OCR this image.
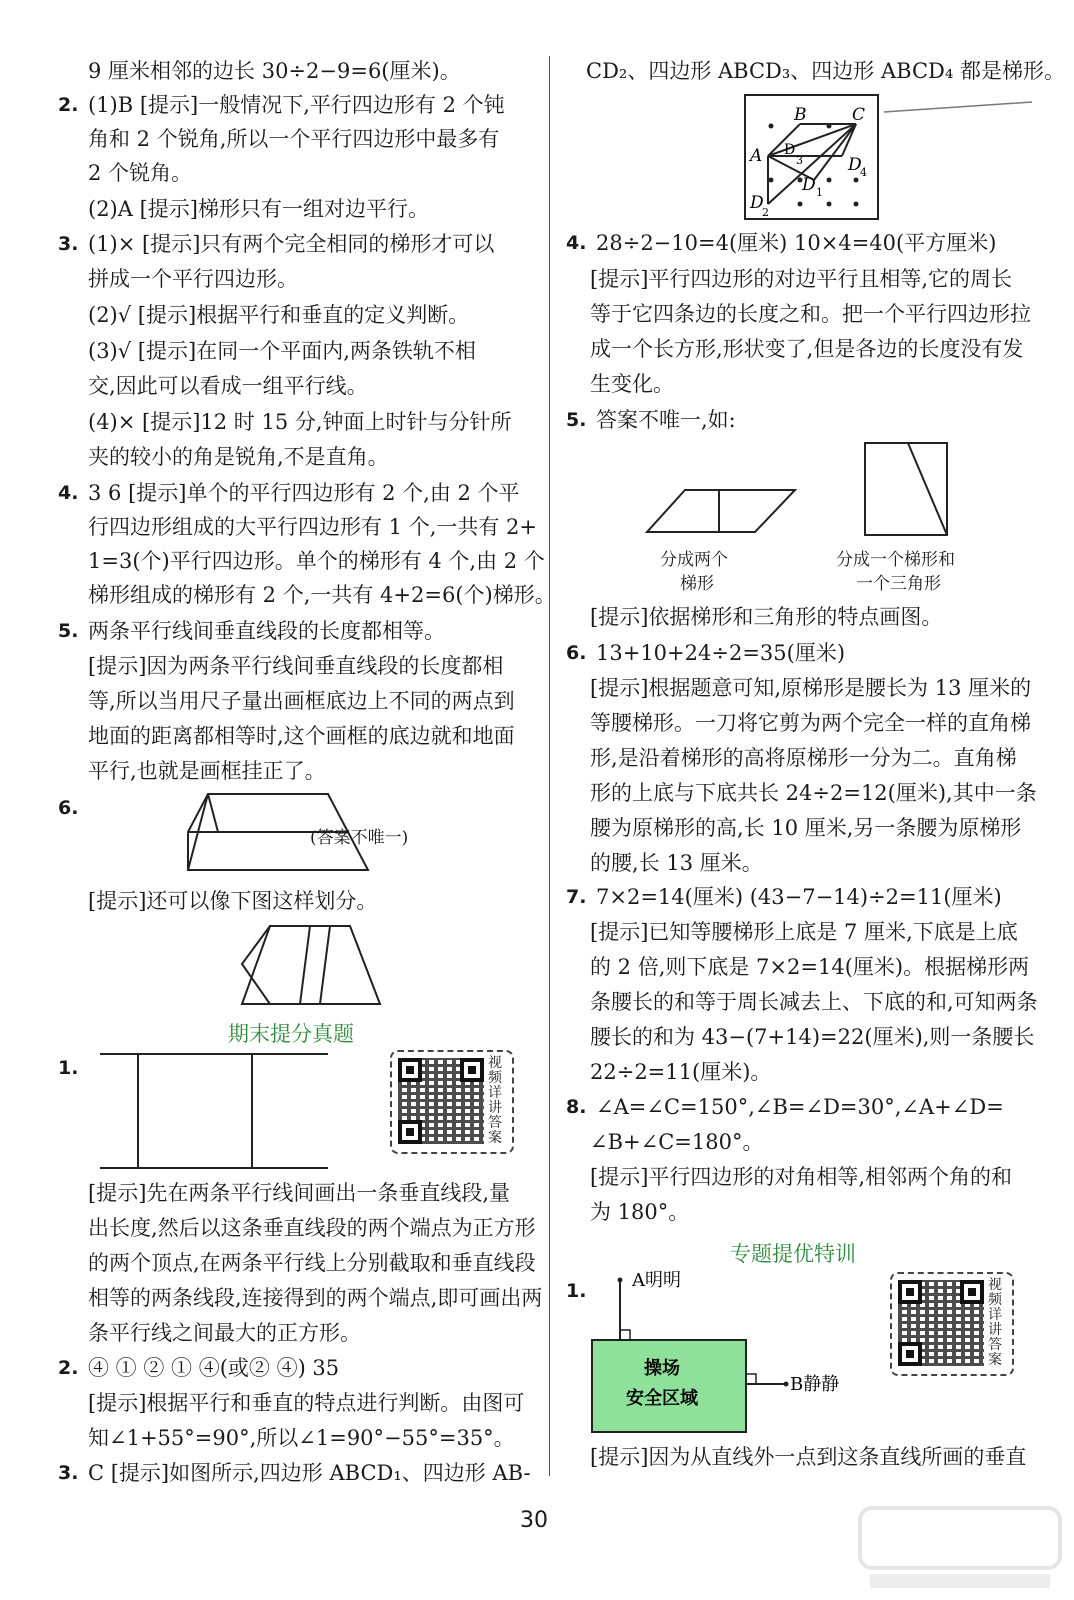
9 厘米相邻的边长 30÷2−9=6(厘米)。
2. (1)B [提示]一般情况下,平行四边形有 2 个钝
角和 2 个锐角,所以一个平行四边形中最多有
2 个锐角。
(2)A [提示]梯形只有一组对边平行。
3. (1)× [提示]只有两个完全相同的梯形才可以
拼成一个平行四边形。
(2)√ [提示]根据平行和垂直的定义判断。
(3)√ [提示]在同一个平面内,两条铁轨不相
交,因此可以看成一组平行线。
(4)× [提示]12 时 15 分,钟面上时针与分针所
夹的较小的角是锐角,不是直角。
4. 3 6 [提示]单个的平行四边形有 2 个,由 2 个平
行四边形组成的大平行四边形有 1 个,一共有 2+
1=3(个)平行四边形。单个的梯形有 4 个,由 2 个
梯形组成的梯形有 2 个,一共有 4+2=6(个)梯形。
5. 两条平行线间垂直线段的长度都相等。
[提示]因为两条平行线间垂直线段的长度都相
等,所以当用尺子量出画框底边上不同的两点到
地面的距离都相等时,这个画框的底边就和地面
平行,也就是画框挂正了。
6.
[提示]还可以像下图这样划分。
1.
[提示]先在两条平行线间画出一条垂直线段,量
出长度,然后以这条垂直线段的两个端点为正方形
的两个顶点,在两条平行线上分别截取和垂直线段
相等的两条线段,连接得到的两个端点,即可画出两
条平行线之间最大的正方形。
2. ④ ① ② ① ④(或② ④) 35
[提示]根据平行和垂直的特点进行判断。由图可
知∠1+55°=90°,所以∠1=90°−55°=35°。
3. C [提示]如图所示,四边形 ABCD₁、四边形 AB-
CD₂、四边形 ABCD₃、四边形 ABCD₄ 都是梯形。
4. 28÷2−10=4(厘米) 10×4=40(平方厘米)
[提示]平行四边形的对边平行且相等,它的周长
等于它四条边的长度之和。把一个平行四边形拉
成一个长方形,形状变了,但是各边的长度没有发
生变化。
5. 答案不唯一,如:
[提示]依据梯形和三角形的特点画图。
6. 13+10+24÷2=35(厘米)
[提示]根据题意可知,原梯形是腰长为 13 厘米的
等腰梯形。一刀将它剪为两个完全一样的直角梯
形,是沿着梯形的高将原梯形一分为二。直角梯
形的上底与下底共长 24÷2=12(厘米),其中一条
腰为原梯形的高,长 10 厘米,另一条腰为原梯形
的腰,长 13 厘米。
7. 7×2=14(厘米) (43−7−14)÷2=11(厘米)
[提示]已知等腰梯形上底是 7 厘米,下底是上底
的 2 倍,则下底是 7×2=14(厘米)。根据梯形两
条腰长的和等于周长减去上、下底的和,可知两条
腰长的和为 43−(7+14)=22(厘米),则一条腰长
22÷2=11(厘米)。
8. ∠A=∠C=150°,∠B=∠D=30°,∠A+∠D=
∠B+∠C=180°。
[提示]平行四边形的对角相等,相邻两个角的和
为 180°。
1.
[提示]因为从直线外一点到这条直线所画的垂直
(答案不唯一)
期末提分真题
视
频
详
讲
答
案
视
频
详
讲
答
案
B	C
A D
3	D
4
D 1
D
2
分成两个
梯形
分成一个梯形和
一个三角形
专题提优特训
A明明
B静静
操场
安全区域
30
